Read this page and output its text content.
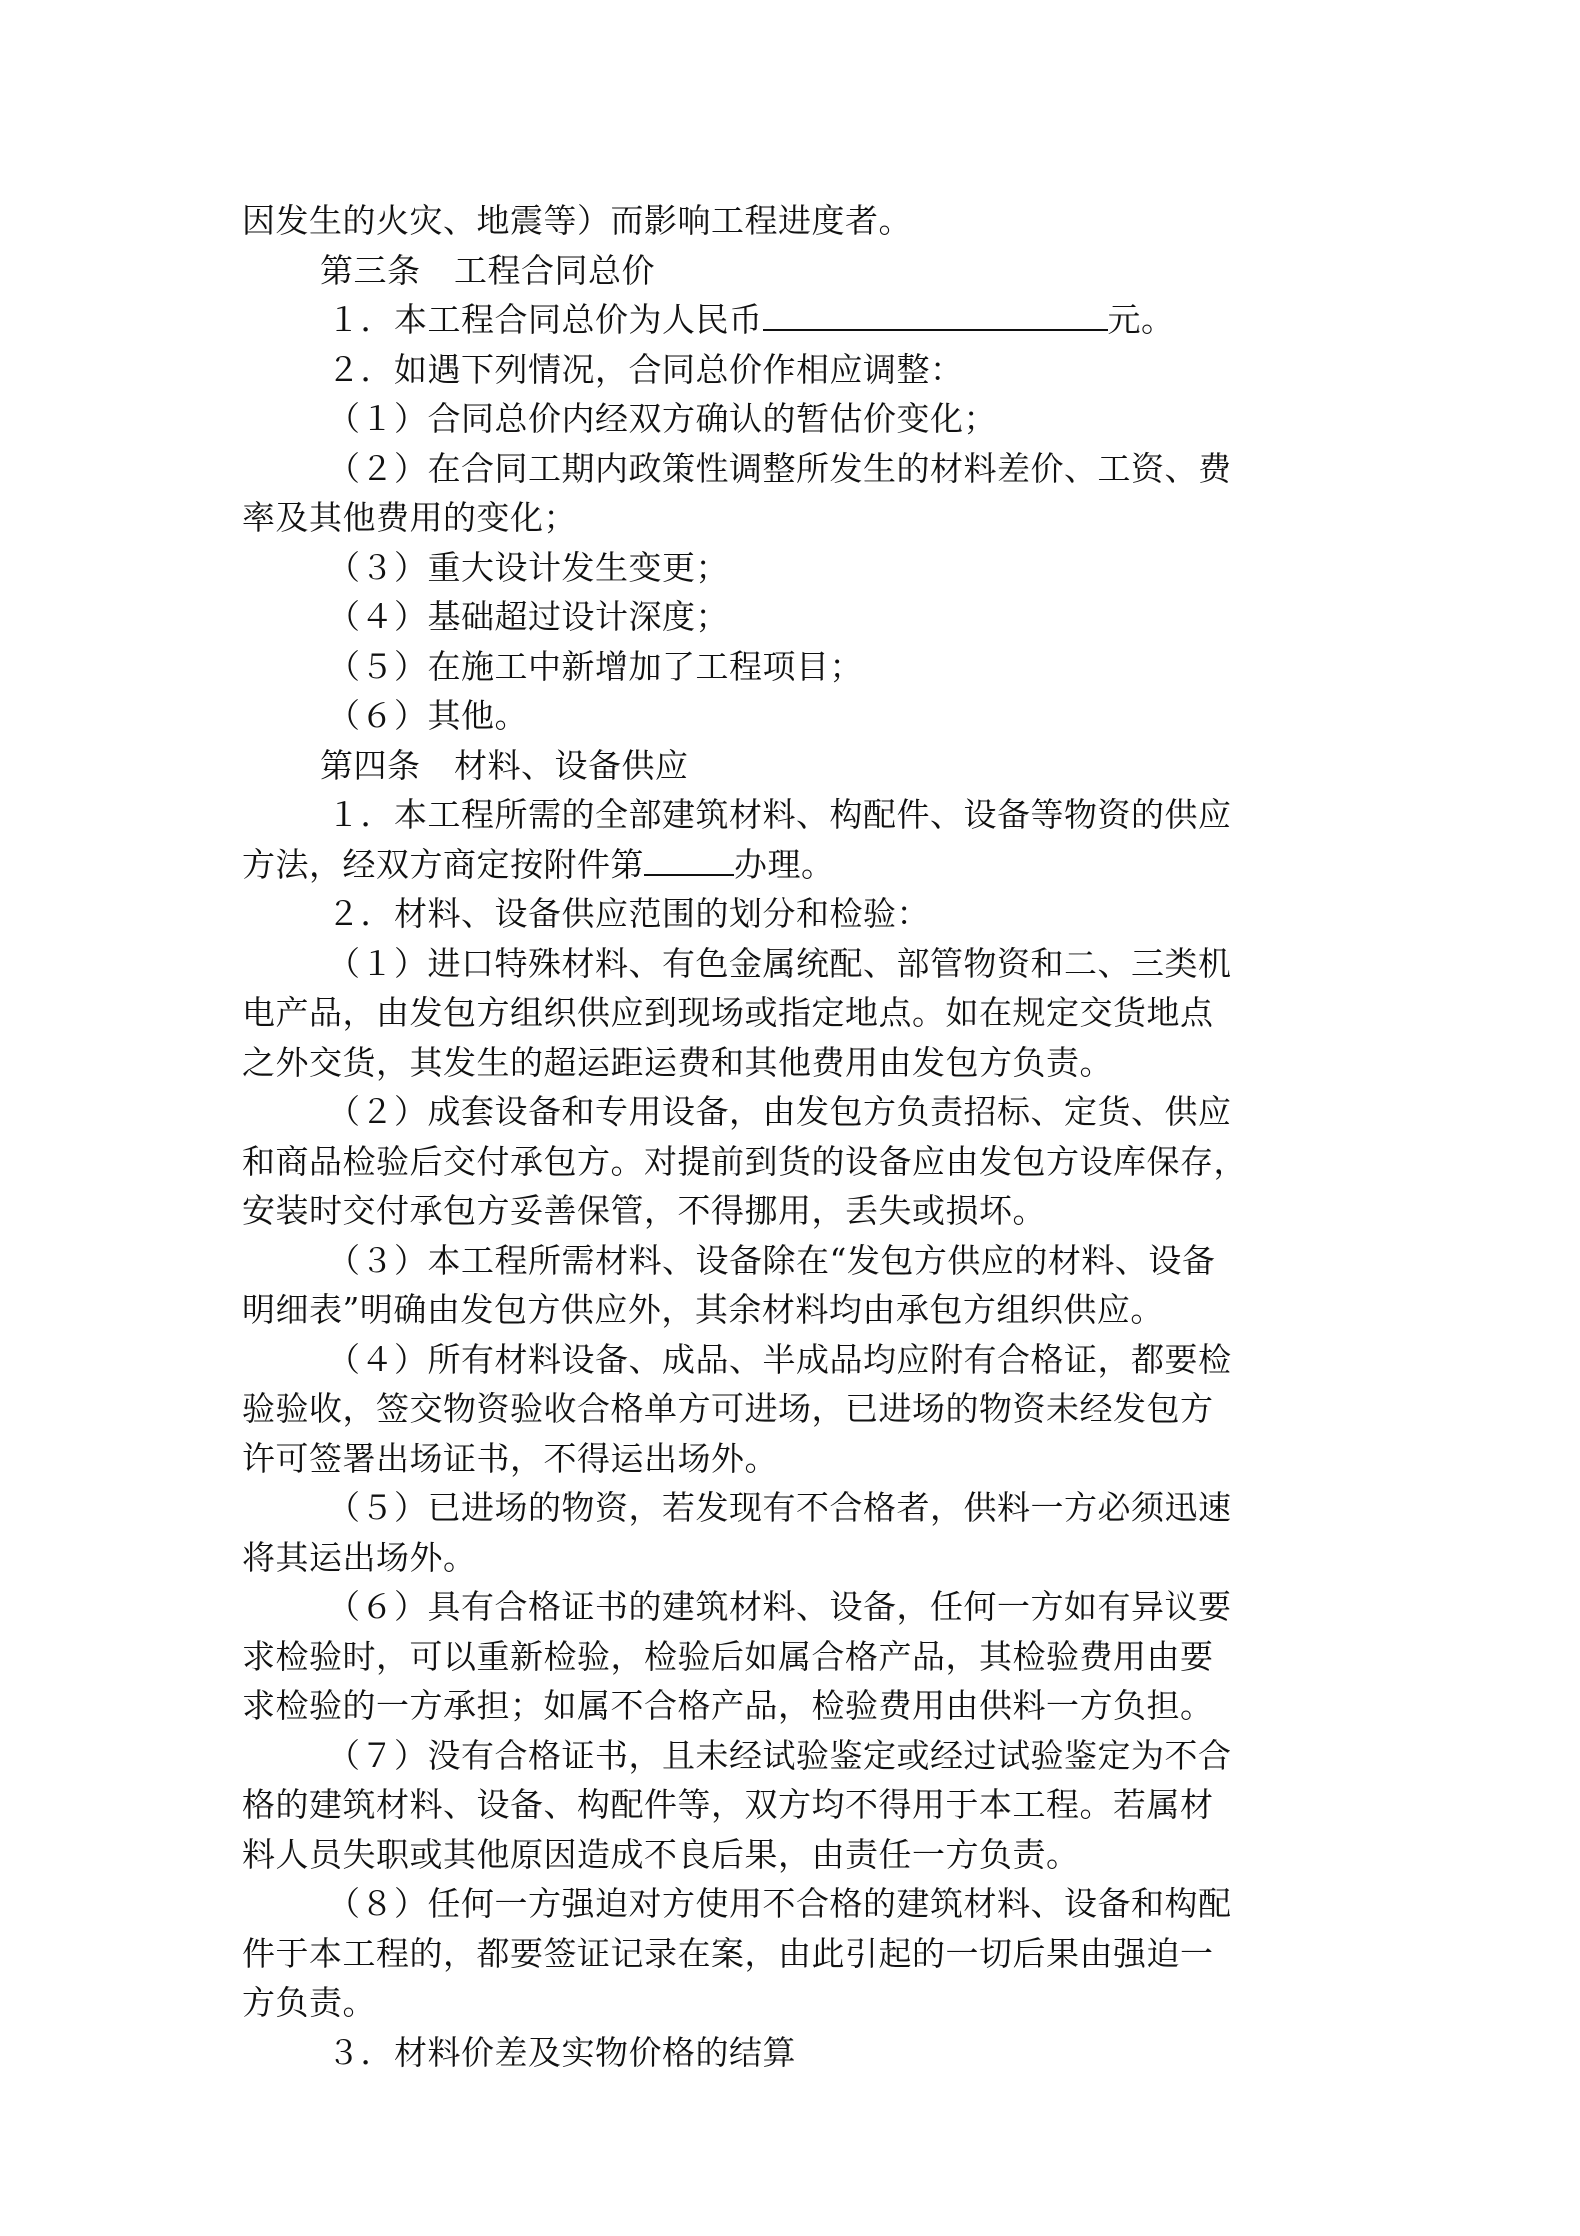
因发生的火灾、地震等）而影响工程进度者。
第三条　工程合同总价
１．本工程合同总价为人民币	元。
２．如遇下列情况，合同总价作相应调整：
（１）合同总价内经双方确认的暂估价变化；
（２）在合同工期内政策性调整所发生的材料差价、工资、费
率及其他费用的变化；
（３）重大设计发生变更；
（４）基础超过设计深度；
（５）在施工中新增加了工程项目；
（６）其他。
第四条　材料、设备供应
１．本工程所需的全部建筑材料、构配件、设备等物资的供应
方法，经双方商定按附件第	办理。
２．材料、设备供应范围的划分和检验：
（１）进口特殊材料、有色金属统配、部管物资和二、三类机
电产品，由发包方组织供应到现场或指定地点。如在规定交货地点
之外交货，其发生的超运距运费和其他费用由发包方负责。
（２）成套设备和专用设备，由发包方负责招标、定货、供应
和商品检验后交付承包方。对提前到货的设备应由发包方设库保存，
安装时交付承包方妥善保管，不得挪用，丢失或损坏。
（３）本工程所需材料、设备除在“发包方供应的材料、设备
明细表”明确由发包方供应外，其余材料均由承包方组织供应。
（４）所有材料设备、成品、半成品均应附有合格证，都要检
验验收，签交物资验收合格单方可进场，已进场的物资未经发包方
许可签署出场证书，不得运出场外。
（５）已进场的物资，若发现有不合格者，供料一方必须迅速
将其运出场外。
（６）具有合格证书的建筑材料、设备，任何一方如有异议要
求检验时，可以重新检验，检验后如属合格产品，其检验费用由要
求检验的一方承担；如属不合格产品，检验费用由供料一方负担。
（７）没有合格证书，且未经试验鉴定或经过试验鉴定为不合
格的建筑材料、设备、构配件等，双方均不得用于本工程。若属材
料人员失职或其他原因造成不良后果，由责任一方负责。
（８）任何一方强迫对方使用不合格的建筑材料、设备和构配
件于本工程的，都要签证记录在案，由此引起的一切后果由强迫一
方负责。
３．材料价差及实物价格的结算
